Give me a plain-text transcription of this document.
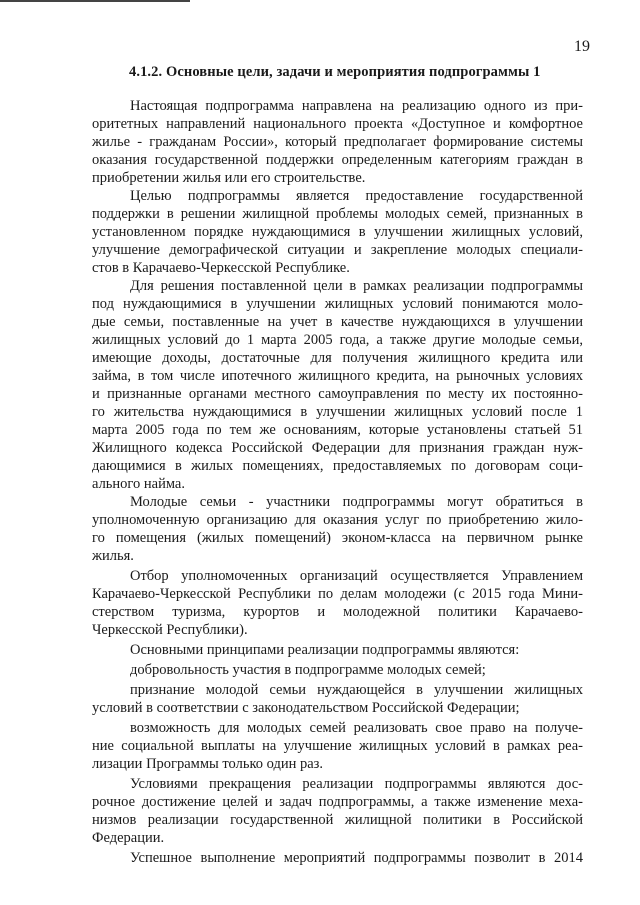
19
4.1.2. Основные цели, задачи и мероприятия подпрограммы 1
Настоящая подпрограмма направлена на реализацию одного из при-
оритетных направлений национального проекта «Доступное и комфортное
жилье - гражданам России», который предполагает формирование системы
оказания государственной поддержки определенным категориям граждан в
приобретении жилья или его строительстве.
Целью подпрограммы является предоставление государственной
поддержки в решении жилищной проблемы молодых семей, признанных в
установленном порядке нуждающимися в улучшении жилищных условий,
улучшение демографической ситуации и закрепление молодых специали-
стов в Карачаево-Черкесской Республике.
Для решения поставленной цели в рамках реализации подпрограммы
под нуждающимися в улучшении жилищных условий понимаются моло-
дые семьи, поставленные на учет в качестве нуждающихся в улучшении
жилищных условий до 1 марта 2005 года, а также другие молодые семьи,
имеющие доходы, достаточные для получения жилищного кредита или
займа, в том числе ипотечного жилищного кредита, на рыночных условиях
и признанные органами местного самоуправления по месту их постоянно-
го жительства нуждающимися в улучшении жилищных условий после 1
марта 2005 года по тем же основаниям, которые установлены статьей 51
Жилищного кодекса Российской Федерации для признания граждан нуж-
дающимися в жилых помещениях, предоставляемых по договорам соци-
ального найма.
Молодые семьи - участники подпрограммы могут обратиться в
уполномоченную организацию для оказания услуг по приобретению жило-
го помещения (жилых помещений) эконом-класса на первичном рынке
жилья.
Отбор уполномоченных организаций осуществляется Управлением
Карачаево-Черкесской Республики по делам молодежи (с 2015 года Мини-
стерством туризма, курортов и молодежной политики Карачаево-
Черкесской Республики).
Основными принципами реализации подпрограммы являются:
добровольность участия в подпрограмме молодых семей;
признание молодой семьи нуждающейся в улучшении жилищных
условий в соответствии с законодательством Российской Федерации;
возможность для молодых семей реализовать свое право на получе-
ние социальной выплаты на улучшение жилищных условий в рамках реа-
лизации Программы только один раз.
Условиями прекращения реализации подпрограммы являются дос-
рочное достижение целей и задач подпрограммы, а также изменение меха-
низмов реализации государственной жилищной политики в Российской
Федерации.
Успешное выполнение мероприятий подпрограммы позволит в 2014
